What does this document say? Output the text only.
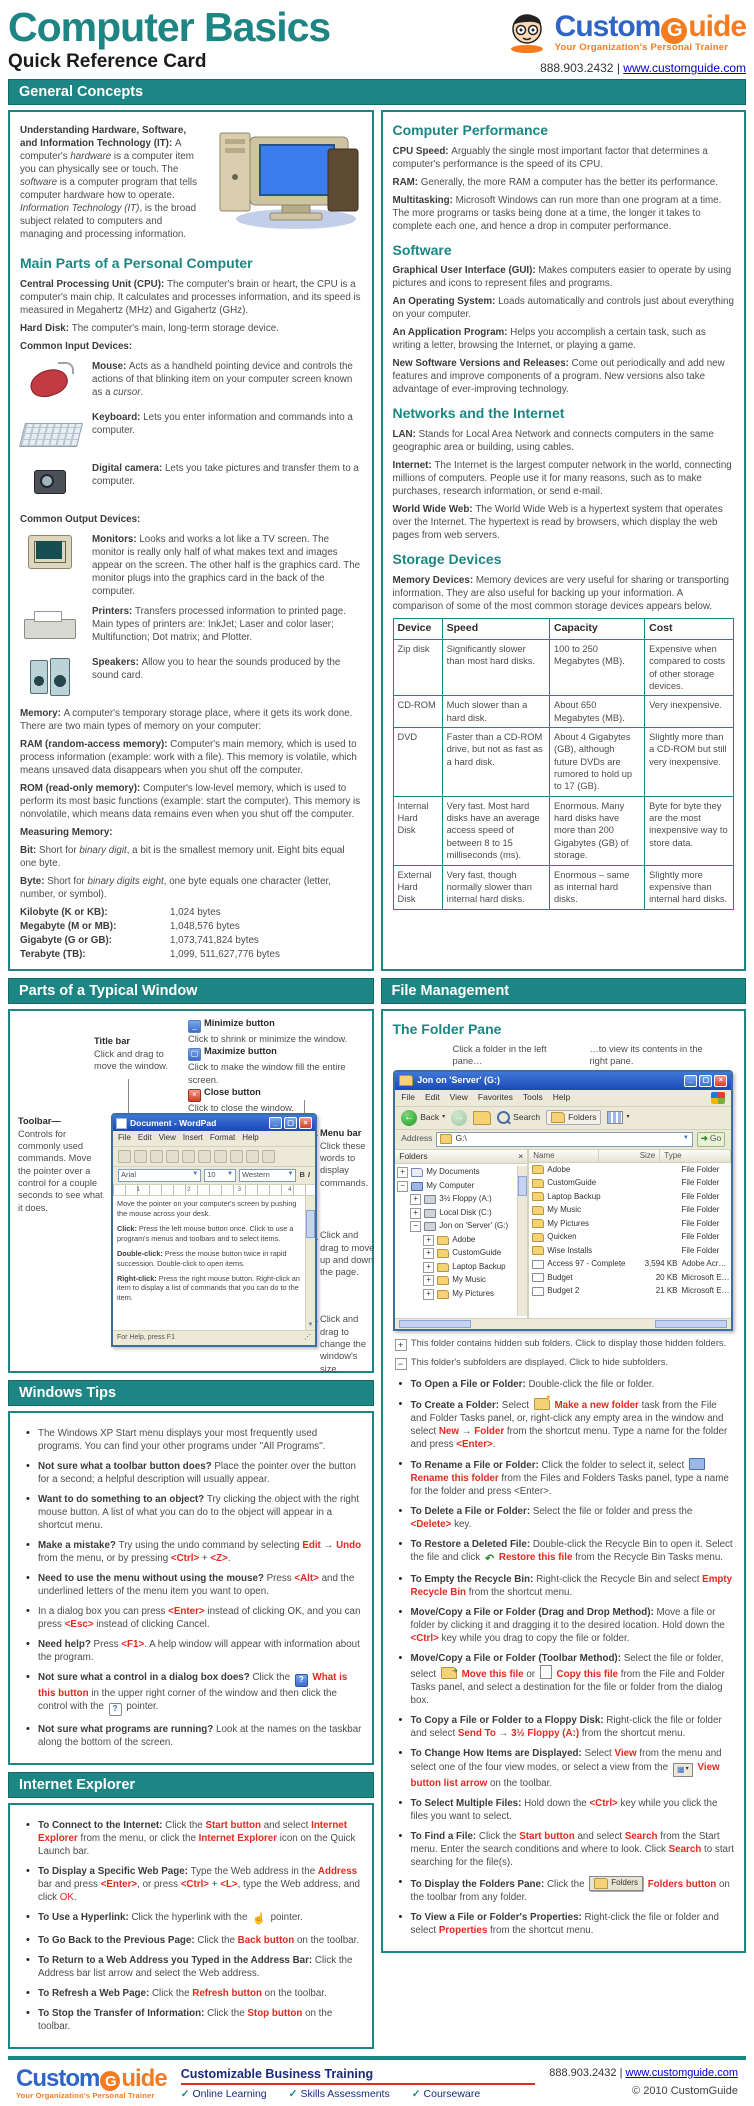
Computer Basics
Quick Reference Card
Custom G uide
Your Organization's Personal Trainer
888.903.2432 | www.customguide.com
General Concepts
Understanding Hardware, Software, and Information Technology (IT): A computer's hardware is a computer item you can physically see or touch. The software is a computer program that tells computer hardware how to operate. Information Technology (IT), is the broad subject related to computers and managing and processing information.
Main Parts of a Personal Computer
Central Processing Unit (CPU): The computer's brain or heart, the CPU is a computer's main chip. It calculates and processes information, and its speed is measured in Megahertz (MHz) and Gigahertz (GHz).
Hard Disk: The computer's main, long-term storage device.
Common Input Devices:
Mouse: Acts as a handheld pointing device and controls the actions of that blinking item on your computer screen known as a cursor.
Keyboard: Lets you enter information and commands into a computer.
Digital camera: Lets you take pictures and transfer them to a computer.
Common Output Devices:
Monitors: Looks and works a lot like a TV screen. The monitor is really only half of what makes text and images appear on the screen. The other half is the graphics card. The monitor plugs into the graphics card in the back of the computer.
Printers: Transfers processed information to printed page. Main types of printers are: InkJet; Laser and color laser; Multifunction; Dot matrix; and Plotter.
Speakers: Allow you to hear the sounds produced by the sound card.
Memory: A computer's temporary storage place, where it gets its work done. There are two main types of memory on your computer:
RAM (random-access memory): Computer's main memory, which is used to process information (example: work with a file). This memory is volatile, which means unsaved data disappears when you shut off the computer.
ROM (read-only memory): Computer's low-level memory, which is used to perform its most basic functions (example: start the computer). This memory is nonvolatile, which means data remains even when you shut off the computer.
Measuring Memory:
Bit: Short for binary digit, a bit is the smallest memory unit. Eight bits equal one byte.
Byte: Short for binary digits eight, one byte equals one character (letter, number, or symbol).
Kilobyte (K or KB):	1,024 bytes
Megabyte (M or MB):	1,048,576 bytes
Gigabyte (G or GB):	1,073,741,824 bytes
Terabyte (TB):	1,099, 511,627,776 bytes
Computer Performance
CPU Speed: Arguably the single most important factor that determines a computer's performance is the speed of its CPU.
RAM: Generally, the more RAM a computer has the better its performance.
Multitasking: Microsoft Windows can run more than one program at a time. The more programs or tasks being done at a time, the longer it takes to complete each one, and hence a drop in computer performance.
Software
Graphical User Interface (GUI): Makes computers easier to operate by using pictures and icons to represent files and programs.
An Operating System: Loads automatically and controls just about everything on your computer.
An Application Program: Helps you accomplish a certain task, such as writing a letter, browsing the Internet, or playing a game.
New Software Versions and Releases: Come out periodically and add new features and improve components of a program. New versions also take advantage of ever-improving technology.
Networks and the Internet
LAN: Stands for Local Area Network and connects computers in the same geographic area or building, using cables.
Internet: The Internet is the largest computer network in the world, connecting millions of computers. People use it for many reasons, such as to make purchases, research information, or send e-mail.
World Wide Web: The World Wide Web is a hypertext system that operates over the Internet. The hypertext is read by browsers, which display the web pages from web servers.
Storage Devices
Memory Devices: Memory devices are very useful for sharing or transporting information. They are also useful for backing up your information. A comparison of some of the most common storage devices appears below.
Device	Speed	Capacity	Cost
Zip disk	Significantly slower than most hard disks.	100 to 250 Megabytes (MB).	Expensive when compared to costs of other storage devices.
CD-ROM	Much slower than a hard disk.	About 650 Megabytes (MB).	Very inexpensive.
DVD	Faster than a CD-ROM drive, but not as fast as a hard disk.	About 4 Gigabytes (GB), although future DVDs are rumored to hold up to 17 (GB).	Slightly more than a CD-ROM but still very inexpensive.
Internal Hard Disk	Very fast. Most hard disks have an average access speed of between 8 to 15 milliseconds (ms).	Enormous. Many hard disks have more than 200 Gigabytes (GB) of storage.	Byte for byte they are the most inexpensive way to store data.
External Hard Disk	Very fast, though normally slower than internal hard disks.	Enormous – same as internal hard disks.	Slightly more expensive than internal hard disks.
Parts of a Typical Window
Title bar
Click and drag to move the window.
_ Minimize button
Click to shrink or minimize the window.
▢ Maximize button
Click to make the window fill the entire screen.
× Close button
Click to close the window.
Toolbar—
Controls for commonly used commands. Move the pointer over a control for a couple seconds to see what it does.
Menu bar
Click these words to display commands.
Click and drag to move up and down the page.
Click and drag to change the window's size.
Document - WordPad	_	▢	×
File Edit View Insert Format Help
Arial	▼ 10	▼ Western	▼ B I
1	2	3	4
Move the pointer on your computer's screen by pushing the mouse across your desk.
Click: Press the left mouse button once. Click to use a program's menus and toolbars and to select items.
Double-click: Press the mouse button twice in rapid succession. Double-click to open items.
Right-click: Press the right mouse button. Right-click an item to display a list of commands that you can do to the item.
▼
For Help, press F1	⋰
Windows Tips
• The Windows XP Start menu displays your most frequently used programs. You can find your other programs under "All Programs".
• Not sure what a toolbar button does? Place the pointer over the button for a second; a helpful description will usually appear.
• Want to do something to an object? Try clicking the object with the right mouse button. A list of what you can do to the object will appear in a shortcut menu.
• Make a mistake? Try using the undo command by selecting Edit → Undo from the menu, or by pressing <Ctrl> + <Z>.
• Need to use the menu without using the mouse? Press <Alt> and the underlined letters of the menu item you want to open.
• In a dialog box you can press <Enter> instead of clicking OK, and you can press <Esc> instead of clicking Cancel.
• Need help? Press <F1>. A help window will appear with information about the program.
• Not sure what a control in a dialog box does? Click the ? What is this button in the upper right corner of the window and then click the control with the ? pointer.
• Not sure what programs are running? Look at the names on the taskbar along the bottom of the screen.
Internet Explorer
• To Connect to the Internet: Click the Start button and select Internet Explorer from the menu, or click the Internet Explorer icon on the Quick Launch bar.
• To Display a Specific Web Page: Type the Web address in the Address bar and press <Enter>, or press <Ctrl> + <L>, type the Web address, and click OK.
• To Use a Hyperlink: Click the hyperlink with the ☝ pointer.
• To Go Back to the Previous Page: Click the Back button on the toolbar.
• To Return to a Web Address you Typed in the Address Bar: Click the Address bar list arrow and select the Web address.
• To Refresh a Web Page: Click the Refresh button on the toolbar.
• To Stop the Transfer of Information: Click the Stop button on the toolbar.
File Management
The Folder Pane
Click a folder in the left pane…
…to view its contents in the right pane.
Jon on 'Server' (G:)	_	▢	×
File Edit View Favorites Tools Help
← Back ▾ →	Search	Folders	▾
Address	G:\	▼ ➜ Go
Folders	×
+	My Documents
−	My Computer
+	3½ Floppy (A:)
+	Local Disk (C:)
−	Jon on 'Server' (G:)
+	Adobe
+	CustomGuide
+	Laptop Backup
+	My Music
+	My Pictures
Name	Size	Type
Adobe	File Folder
CustomGuide	File Folder
Laptop Backup	File Folder
My Music	File Folder
My Pictures	File Folder
Quicken	File Folder
Wise Installs	File Folder
Access 97 - Complete	3,594 KB Adobe Acr…
Budget	20 KB Microsoft E…
Budget 2	21 KB Microsoft E…
+ This folder contains hidden sub folders. Click to display those hidden folders.
− This folder's subfolders are displayed. Click to hide subfolders.
• To Open a File or Folder: Double-click the file or folder.
• To Create a Folder: Select ✶ Make a new folder task from the File and Folder Tasks panel, or, right-click any empty area in the window and select New → Folder from the shortcut menu. Type a name for the folder and press <Enter>.
• To Rename a File or Folder: Click the folder to select it, select  Rename this folder from the Files and Folders Tasks panel, type a name for the folder and press <Enter>.
• To Delete a File or Folder: Select the file or folder and press the <Delete> key.
• To Restore a Deleted File: Double-click the Recycle Bin to open it. Select the file and click ↶ Restore this file from the Recycle Bin Tasks menu.
• To Empty the Recycle Bin: Right-click the Recycle Bin and select Empty Recycle Bin from the shortcut menu.
• Move/Copy a File or Folder (Drag and Drop Method): Move a file or folder by clicking it and dragging it to the desired location. Hold down the <Ctrl> key while you drag to copy the file or folder.
• Move/Copy a File or Folder (Toolbar Method): Select the file or folder, select ➜ Move this file or  Copy this file from the File and Folder Tasks panel, and select a destination for the file or folder from the dialog box.
• To Copy a File or Folder to a Floppy Disk: Right-click the file or folder and select Send To → 3½ Floppy (A:) from the shortcut menu.
• To Change How Items are Displayed: Select View from the menu and select one of the four view modes, or select a view from the ▦ ▾ View button list arrow on the toolbar.
• To Select Multiple Files: Hold down the <Ctrl> key while you click the files you want to select.
• To Find a File: Click the Start button and select Search from the Start menu. Enter the search conditions and where to look. Click Search to start searching for the file(s).
• To Display the Folders Pane: Click the	Folders Folders button on the toolbar from any folder.
• To View a File or Folder's Properties: Right-click the file or folder and select Properties from the shortcut menu.
Custom G uide
Your Organization's Personal Trainer
Customizable Business Training
✓ Online Learning ✓ Skills Assessments ✓ Courseware
888.903.2432 | www.customguide.com
© 2010 CustomGuide
